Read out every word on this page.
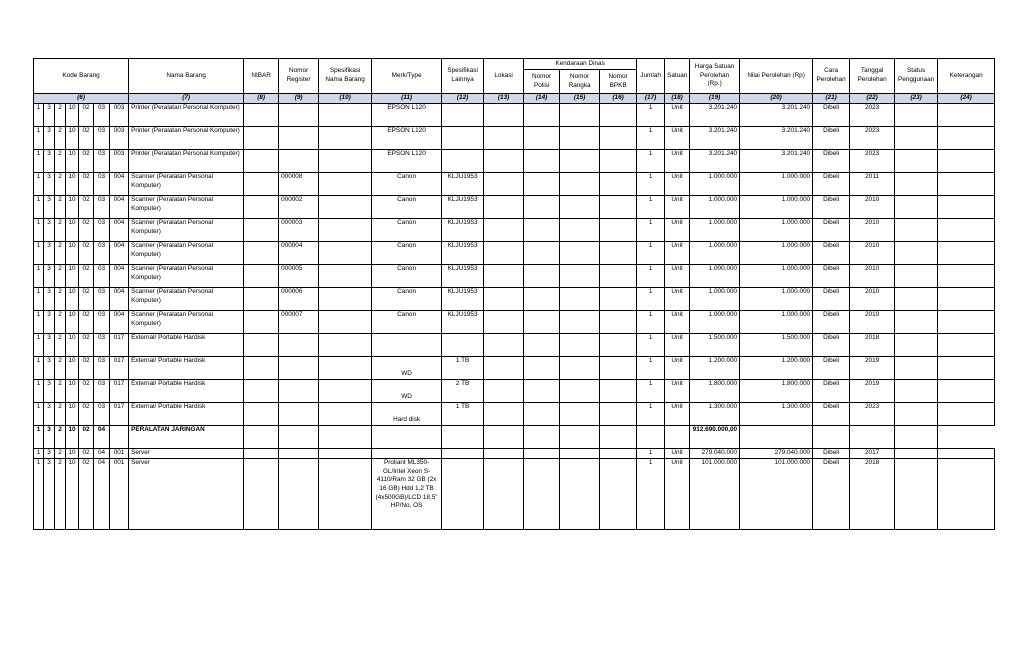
Kode Barang							Nama Barang	NIBAR	Nomor Register	Spesifikasi Nama Barang	Merk/Type	Spesifikasi Lainnya	Lokasi	Kendaraan Dinas			Jumlah	Satuan	Harga Satuan Perolehan (Rp.)	Nilai Perolehan (Rp)	Cara Perolehan	Tanggal Perolehan	Status Penggunaan	Keterangan
														Nomor Polisi	Nomor Rangka	Nomor BPKB								
(6)							(7)	(8)	(9)	(10)	(11)	(12)	(13)	(14)	(15)	(16)	(17)	(18)	(19)	(20)	(21)	(22)	(23)	(24)
1	3	2	10	02	03	003	Printer (Peralatan Personal Komputer)				EPSON L120						1	Unit	3.201.240	3.201.240	Dibeli	2023		
1	3	2	10	02	03	003	Printer (Peralatan Personal Komputer)				EPSON L120						1	Unit	3.201.240	3.201.240	Dibeli	2023		
1	3	2	10	02	03	003	Printer (Peralatan Personal Komputer)				EPSON L120						1	Unit	3.201.240	3.201.240	Dibeli	2023		
1	3	2	10	02	03	004	Scanner (Peralatan Personal Komputer)		000008		Canon	KLJU1953					1	Unit	1.000.000	1.000.000	Dibeli	2011		
1	3	2	10	02	03	004	Scanner (Peralatan Personal Komputer)		000002		Canon	KLJU1953					1	Unit	1.000.000	1.000.000	Dibeli	2010		
1	3	2	10	02	03	004	Scanner (Peralatan Personal Komputer)		000003		Canon	KLJU1953					1	Unit	1.000.000	1.000.000	Dibeli	2010		
1	3	2	10	02	03	004	Scanner (Peralatan Personal Komputer)		000004		Canon	KLJU1953					1	Unit	1.000.000	1.000.000	Dibeli	2010		
1	3	2	10	02	03	004	Scanner (Peralatan Personal Komputer)		000005		Canon	KLJU1953					1	Unit	1.000.000	1.000.000	Dibeli	2010		
1	3	2	10	02	03	004	Scanner (Peralatan Personal Komputer)		000006		Canon	KLJU1953					1	Unit	1.000.000	1.000.000	Dibeli	2010		
1	3	2	10	02	03	004	Scanner (Peralatan Personal Komputer)		000007		Canon	KLJU1953					1	Unit	1.000.000	1.000.000	Dibeli	2010		
1	3	2	10	02	03	017	External/ Portable Hardisk										1	Unit	1.500.000	1.500.000	Dibeli	2018		
1	3	2	10	02	03	017	External/ Portable Hardisk				WD	1 TB					1	Unit	1.200.000	1.200.000	Dibeli	2019		
1	3	2	10	02	03	017	External/ Portable Hardisk				WD	2 TB					1	Unit	1.800.000	1.800.000	Dibeli	2019		
1	3	2	10	02	03	017	External/ Portable Hardisk				Hard disk	1 TB					1	Unit	1.300.000	1.300.000	Dibeli	2023		
1	3	2	10	02	04		PERALATAN JARINGAN												912.690.000,00					
1	3	2	10	02	04	001	Server										1	Unit	279.040.000	279.040.000	Dibeli	2017		
1	3	2	10	02	04	001	Server				Proliant ML350-GL/Intel Xeon S-4110/Ram 32 GB (2x 16 GB) Hdd 1,2 TB (4x500GB)/LCD 18,5" HP/No. OS						1	Unit	101.000.000	101.000.000	Dibeli	2018		
